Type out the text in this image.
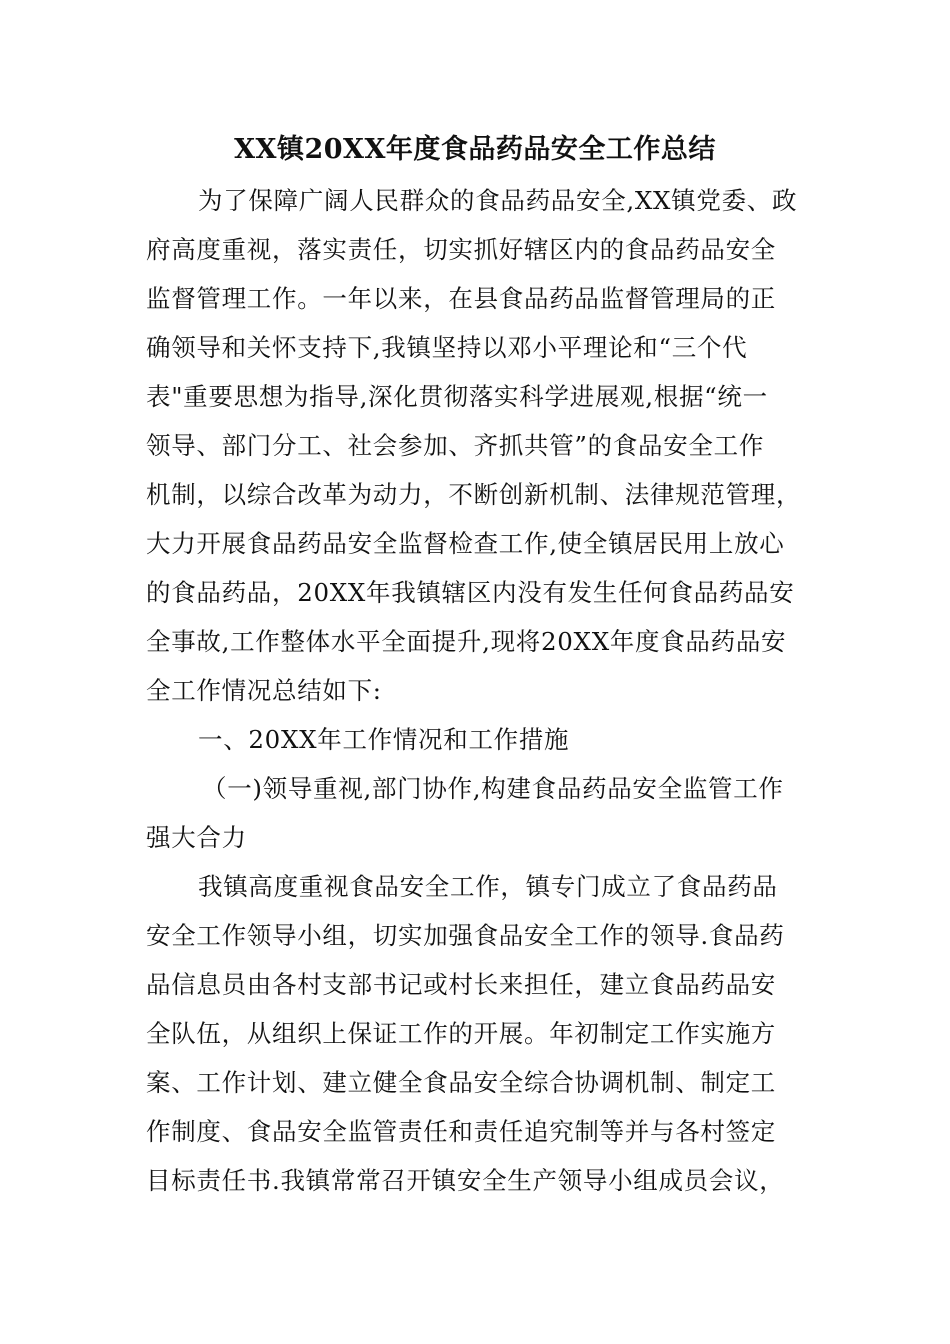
XX镇20XX年度食品药品安全工作总结
为了保障广阔人民群众的食品药品安全,XX镇党委、政
府高度重视，落实责任，切实抓好辖区内的食品药品安全
监督管理工作。一年以来，在县食品药品监督管理局的正
确领导和关怀支持下,我镇坚持以邓小平理论和“三个代
表"重要思想为指导,深化贯彻落实科学进展观,根据“统一
领导、部门分工、社会参加、齐抓共管”的食品安全工作
机制，以综合改革为动力，不断创新机制、法律规范管理，
大力开展食品药品安全监督检查工作,使全镇居民用上放心
的食品药品，20XX年我镇辖区内没有发生任何食品药品安
全事故,工作整体水平全面提升,现将20XX年度食品药品安
全工作情况总结如下:
一、20XX年工作情况和工作措施
（一)领导重视,部门协作,构建食品药品安全监管工作
强大合力
我镇高度重视食品安全工作，镇专门成立了食品药品
安全工作领导小组，切实加强食品安全工作的领导.食品药
品信息员由各村支部书记或村长来担任，建立食品药品安
全队伍，从组织上保证工作的开展。年初制定工作实施方
案、工作计划、建立健全食品安全综合协调机制、制定工
作制度、食品安全监管责任和责任追究制等并与各村签定
目标责任书.我镇常常召开镇安全生产领导小组成员会议，
